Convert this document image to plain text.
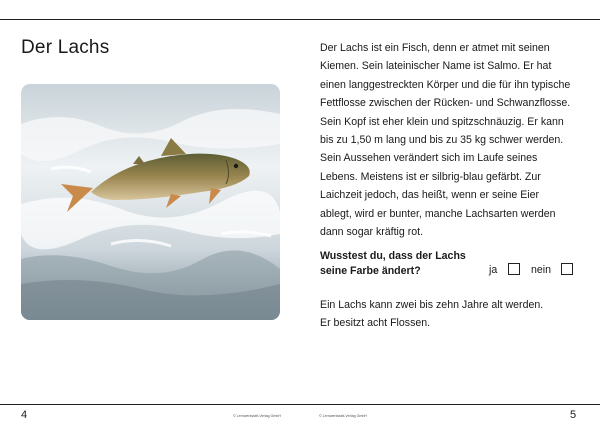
Der Lachs	Der Lachs ist ein Fisch, denn er atmet mit seinen

Kiemen. Sein lateinischer Name ist Salmo. Er hat

einen langgestreckten Körper und die für ihn typische

Fettflosse zwischen der Rücken- und Schwanzflosse.

Sein Kopf ist eher klein und spitzschnäuzig. Er kann

bis zu 1,50 m lang und bis zu 35 kg schwer werden.

Sein Aussehen verändert sich im Laufe seines

Lebens. Meistens ist er silbrig-blau gefärbt. Zur

Laichzeit jedoch, das heißt, wenn er seine Eier

ablegt, wird er bunter, manche Lachsarten werden

dann sogar kräftig rot.

Wusstest du, dass der Lachs
seine Farbe ändert?	ja	nein
Ein Lachs kann zwei bis zehn Jahre alt werden.
Er besitzt acht Flossen.
4	© Lernwerkstatt-Verlag GmbH	© Lernwerkstatt-Verlag GmbH	5
